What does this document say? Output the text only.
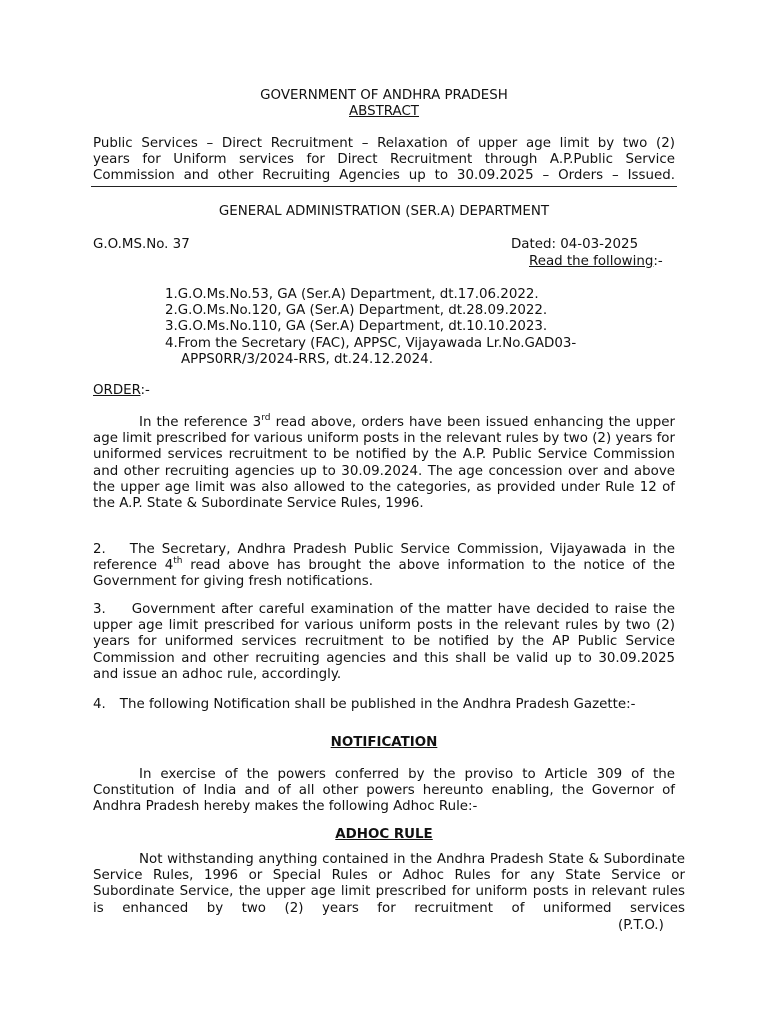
GOVERNMENT OF ANDHRA PRADESH
ABSTRACT
Public Services – Direct Recruitment – Relaxation of upper age limit by two (2)
years for Uniform services for Direct Recruitment through A.P.Public Service
Commission and other Recruiting Agencies up to 30.09.2025 – Orders – Issued.
GENERAL ADMINISTRATION (SER.A) DEPARTMENT
G.O.MS.No. 37	Dated: 04-03-2025
Read the following:-
1.G.O.Ms.No.53, GA (Ser.A) Department, dt.17.06.2022.
2.G.O.Ms.No.120, GA (Ser.A) Department, dt.28.09.2022.
3.G.O.Ms.No.110, GA (Ser.A) Department, dt.10.10.2023.
4.From the Secretary (FAC), APPSC, Vijayawada Lr.No.GAD03-
APPS0RR/3/2024-RRS, dt.24.12.2024.
ORDER:-
In the reference 3rd read above, orders have been issued enhancing the upper age limit prescribed for various uniform posts in the relevant rules by two (2) years for uniformed services recruitment to be notified by the A.P. Public Service Commission and other recruiting agencies up to 30.09.2024. The age concession over and above the upper age limit was also allowed to the categories, as provided under Rule 12 of the A.P. State & Subordinate Service Rules, 1996.
2. The Secretary, Andhra Pradesh Public Service Commission, Vijayawada in the reference 4th read above has brought the above information to the notice of the Government for giving fresh notifications.
3. Government after careful examination of the matter have decided to raise the upper age limit prescribed for various uniform posts in the relevant rules by two (2) years for uniformed services recruitment to be notified by the AP Public Service Commission and other recruiting agencies and this shall be valid up to 30.09.2025 and issue an adhoc rule, accordingly.
4. The following Notification shall be published in the Andhra Pradesh Gazette:-
NOTIFICATION
In exercise of the powers conferred by the proviso to Article 309 of the Constitution of India and of all other powers hereunto enabling, the Governor of Andhra Pradesh hereby makes the following Adhoc Rule:-
ADHOC RULE
Not withstanding anything contained in the Andhra Pradesh State & Subordinate Service Rules, 1996 or Special Rules or Adhoc Rules for any State Service or Subordinate Service, the upper age limit prescribed for uniform posts in relevant rules is enhanced by two (2) years for recruitment of uniformed services
(P.T.O.)
